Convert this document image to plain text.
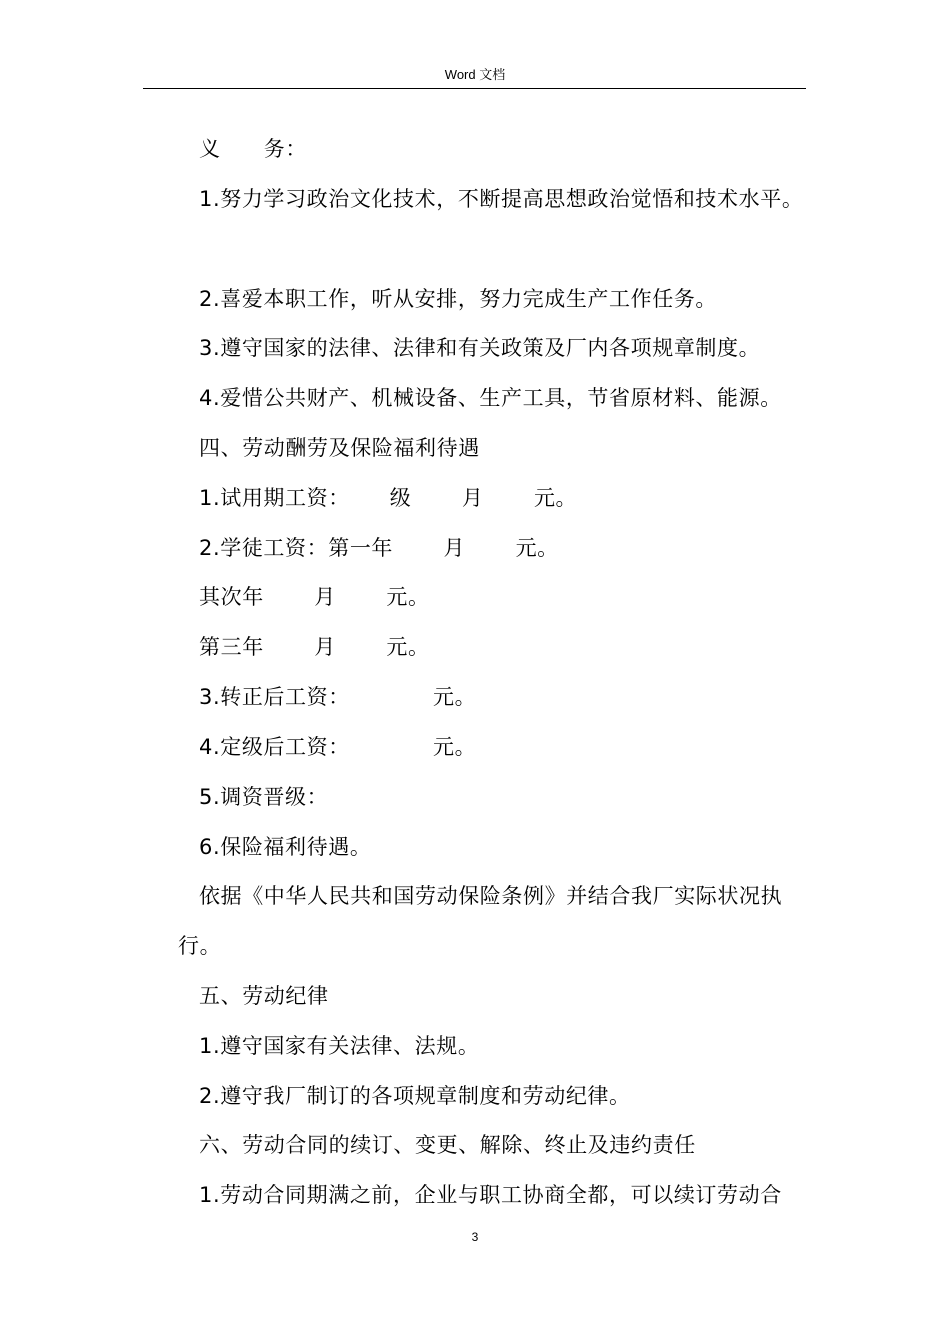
Word 文档
义　　务：
1.努力学习政治文化技术，不断提高思想政治觉悟和技术水平。
2.喜爱本职工作，听从安排，努力完成生产工作任务。
3.遵守国家的法律、法律和有关政策及厂内各项规章制度。
4.爱惜公共财产、机械设备、生产工具，节省原材料、能源。
四、劳动酬劳及保险福利待遇
1.试用期工资：　　 级　　 月　　 元。
2.学徒工资：第一年　　 月　　 元。
其次年　　 月　　 元。
第三年　　 月　　 元。
3.转正后工资：　　　　 元。
4.定级后工资：　　　　 元。
5.调资晋级：
6.保险福利待遇。
依据《中华人民共和国劳动保险条例》并结合我厂实际状况执
行。
五、劳动纪律
1.遵守国家有关法律、法规。
2.遵守我厂制订的各项规章制度和劳动纪律。
六、劳动合同的续订、变更、解除、终止及违约责任
1.劳动合同期满之前，企业与职工协商全都，可以续订劳动合
3
